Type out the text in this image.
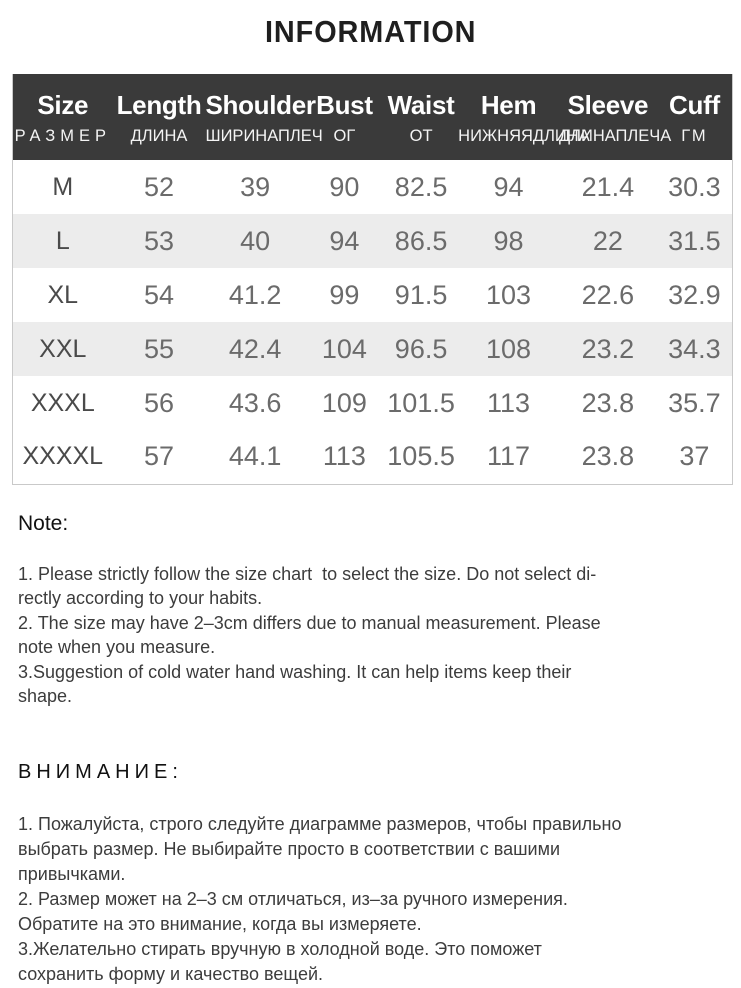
INFORMATION
Size	Length	Shoulder	Bust	Waist	Hem	Sleeve	Cuff
РАЗМЕР	ДЛИНА	ШИРИНАПЛЕЧ	ОГ	ОТ	НИЖНЯЯДЛИНА	ДЛИНАПЛЕЧА	ГМ
M	52	39	90	82.5	94	21.4	30.3
L	53	40	94	86.5	98	22	31.5
XL	54	41.2	99	91.5	103	22.6	32.9
XXL	55	42.4	104	96.5	108	23.2	34.3
XXXL	56	43.6	109	101.5	113	23.8	35.7
XXXXL	57	44.1	113	105.5	117	23.8	37
Note:
1. Please strictly follow the size chart  to select the size. Do not select di-
rectly according to your habits.
2. The size may have 2–3cm differs due to manual measurement. Please
note when you measure.
3.Suggestion of cold water hand washing. It can help items keep their
shape.
ВНИМАНИЕ:
1. Пожалуйста, строго следуйте диаграмме размеров, чтобы правильно
выбрать размер. Не выбирайте просто в соответствии с вашими
привычками.
2. Размер может на 2–3 см отличаться, из–за ручного измерения.
Обратите на это внимание, когда вы измеряете.
3.Желательно стирать вручную в холодной воде. Это поможет
сохранить форму и качество вещей.
